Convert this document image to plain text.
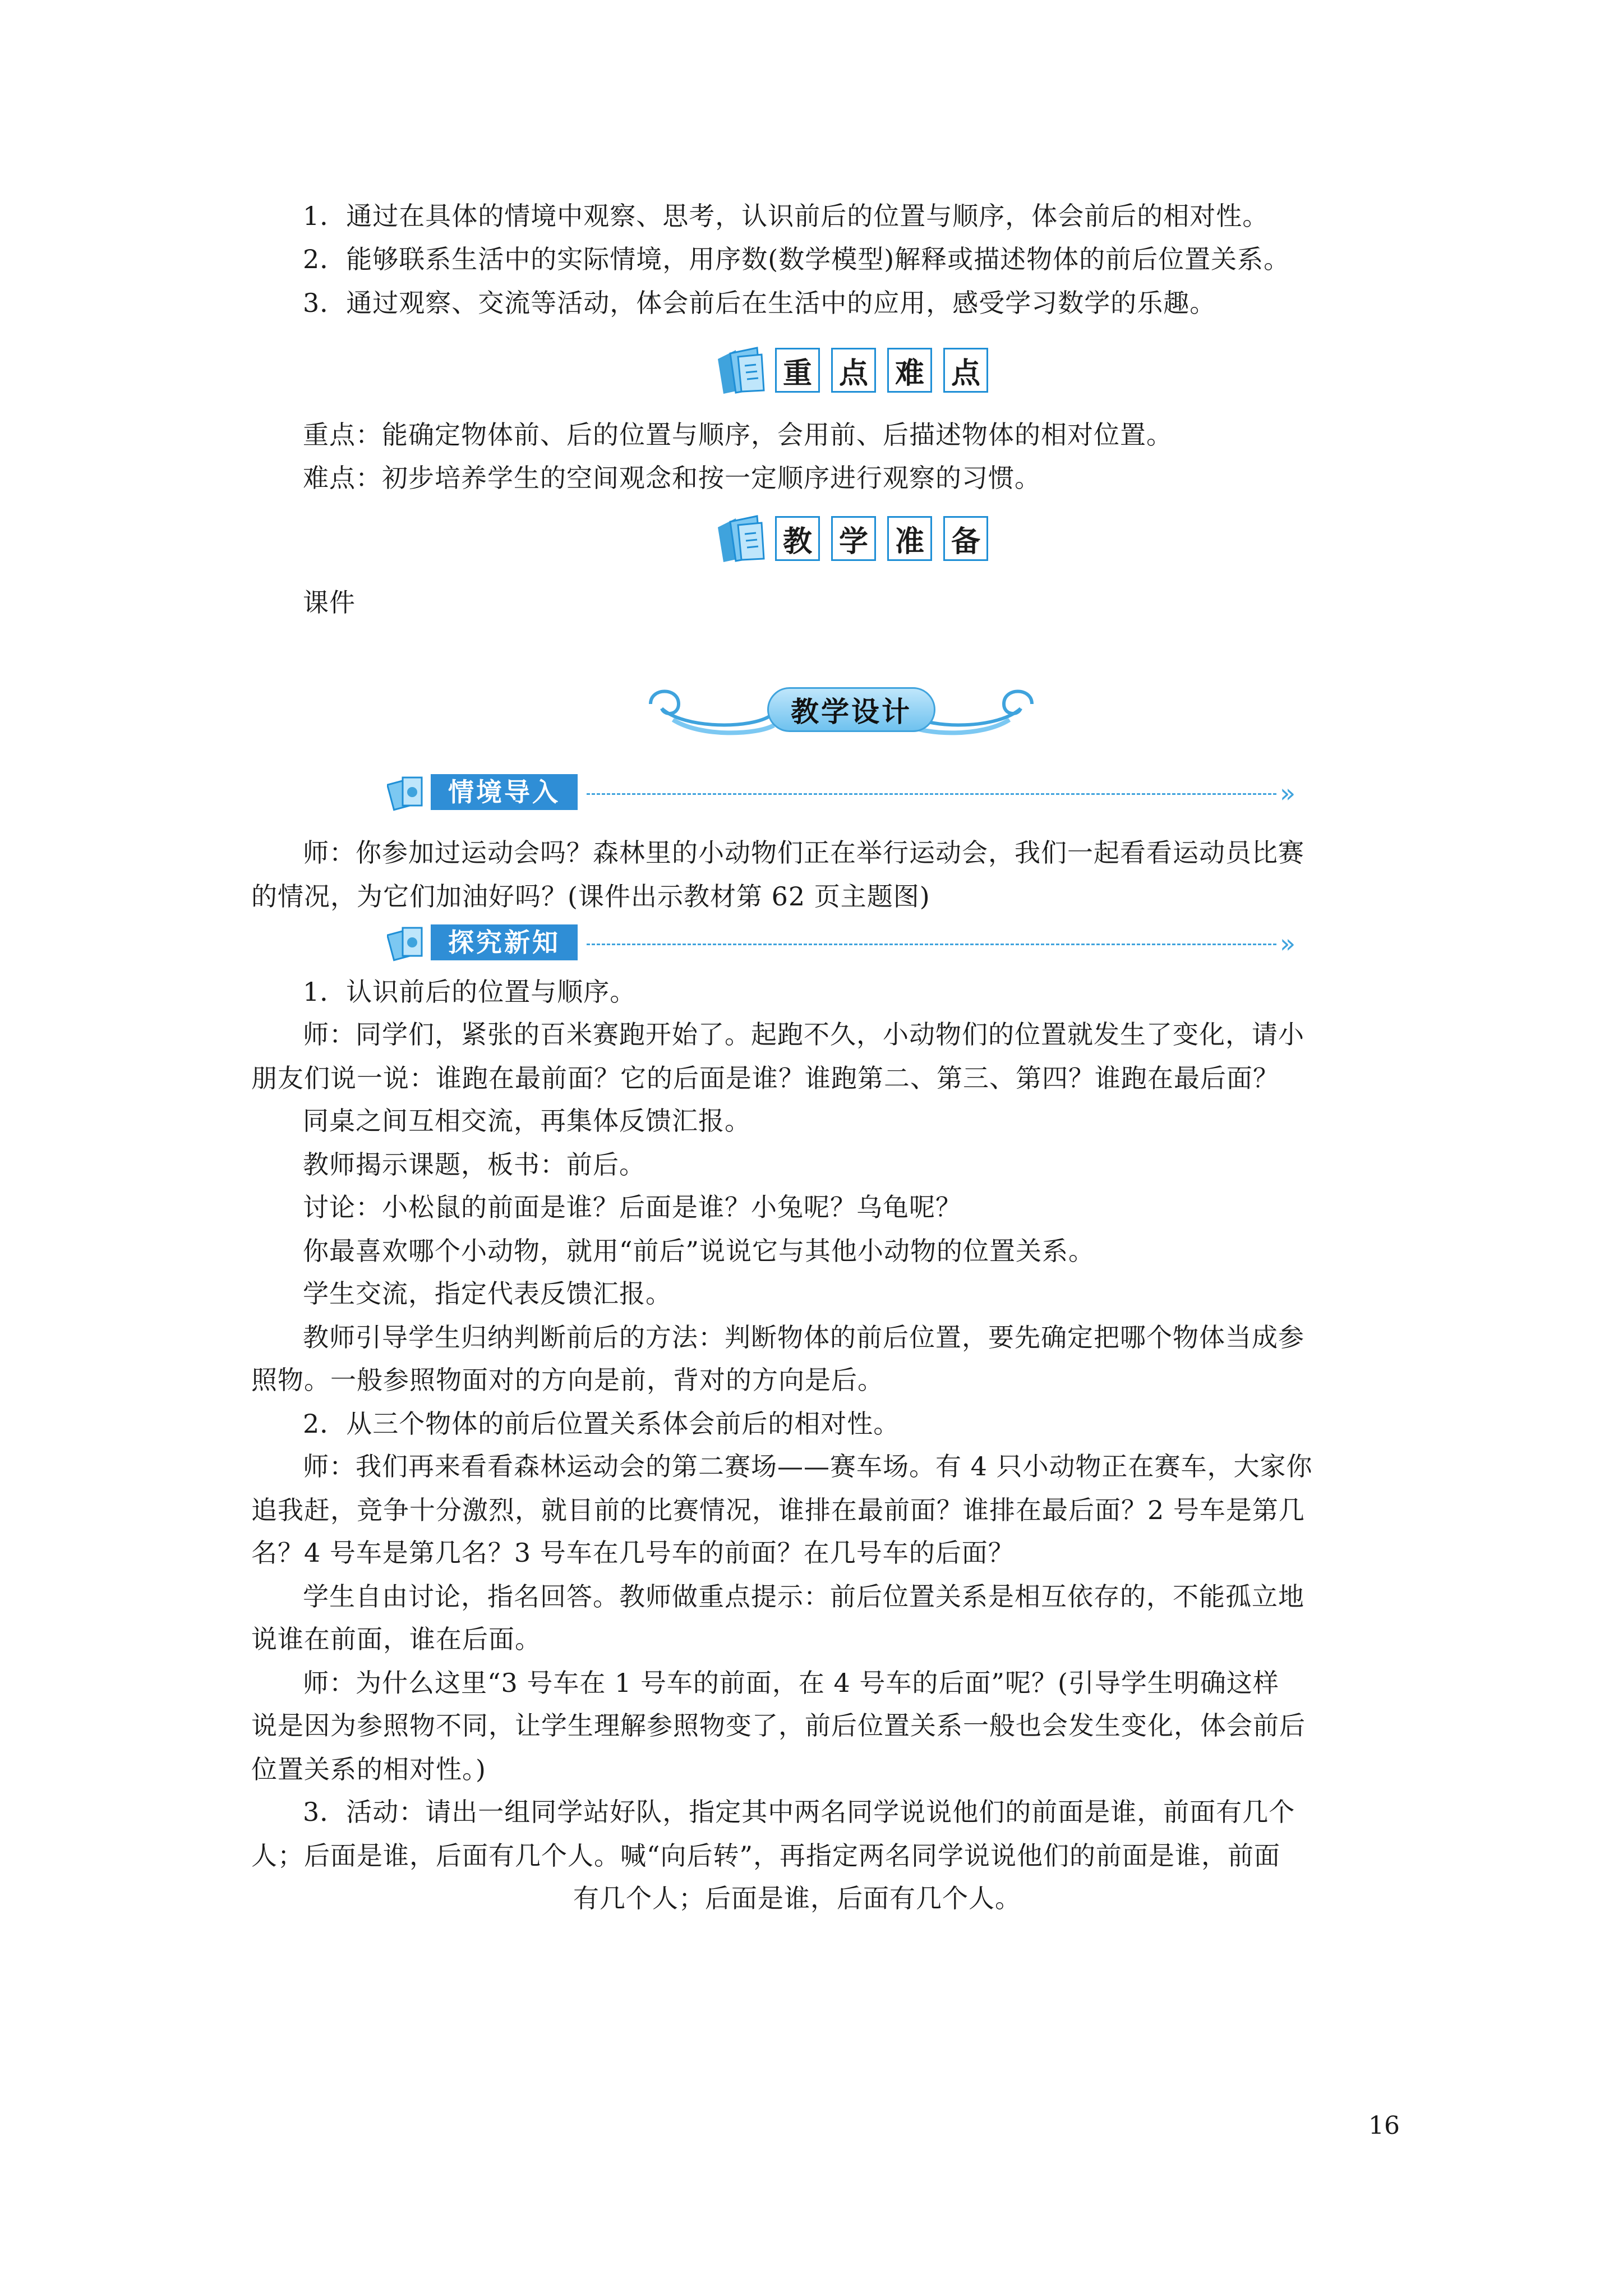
1．通过在具体的情境中观察、思考，认识前后的位置与顺序，体会前后的相对性。
2．能够联系生活中的实际情境，用序数(数学模型)解释或描述物体的前后位置关系。
3．通过观察、交流等活动，体会前后在生活中的应用，感受学习数学的乐趣。
重 点 难 点
重点：能确定物体前、后的位置与顺序，会用前、后描述物体的相对位置。
难点：初步培养学生的空间观念和按一定顺序进行观察的习惯。
教 学 准 备
课件
教学设计
情境导入	»
师：你参加过运动会吗？森林里的小动物们正在举行运动会，我们一起看看运动员比赛
的情况，为它们加油好吗？(课件出示教材第 62 页主题图)
探究新知	»
1．认识前后的位置与顺序。
师：同学们，紧张的百米赛跑开始了。起跑不久，小动物们的位置就发生了变化，请小
朋友们说一说：谁跑在最前面？它的后面是谁？谁跑第二、第三、第四？谁跑在最后面？
同桌之间互相交流，再集体反馈汇报。
教师揭示课题，板书：前后。
讨论：小松鼠的前面是谁？后面是谁？小兔呢？乌龟呢？
你最喜欢哪个小动物，就用“前后”说说它与其他小动物的位置关系。
学生交流，指定代表反馈汇报。
教师引导学生归纳判断前后的方法：判断物体的前后位置，要先确定把哪个物体当成参
照物。一般参照物面对的方向是前，背对的方向是后。
2．从三个物体的前后位置关系体会前后的相对性。
师：我们再来看看森林运动会的第二赛场——赛车场。有 4 只小动物正在赛车，大家你
追我赶，竞争十分激烈，就目前的比赛情况，谁排在最前面？谁排在最后面？2 号车是第几
名？4 号车是第几名？3 号车在几号车的前面？在几号车的后面？
学生自由讨论，指名回答。教师做重点提示：前后位置关系是相互依存的，不能孤立地
说谁在前面，谁在后面。
师：为什么这里“3 号车在 1 号车的前面，在 4 号车的后面”呢？(引导学生明确这样
说是因为参照物不同，让学生理解参照物变了，前后位置关系一般也会发生变化，体会前后
位置关系的相对性。)
3．活动：请出一组同学站好队，指定其中两名同学说说他们的前面是谁，前面有几个
人；后面是谁，后面有几个人。喊“向后转”，再指定两名同学说说他们的前面是谁，前面
有几个人；后面是谁，后面有几个人。
16
